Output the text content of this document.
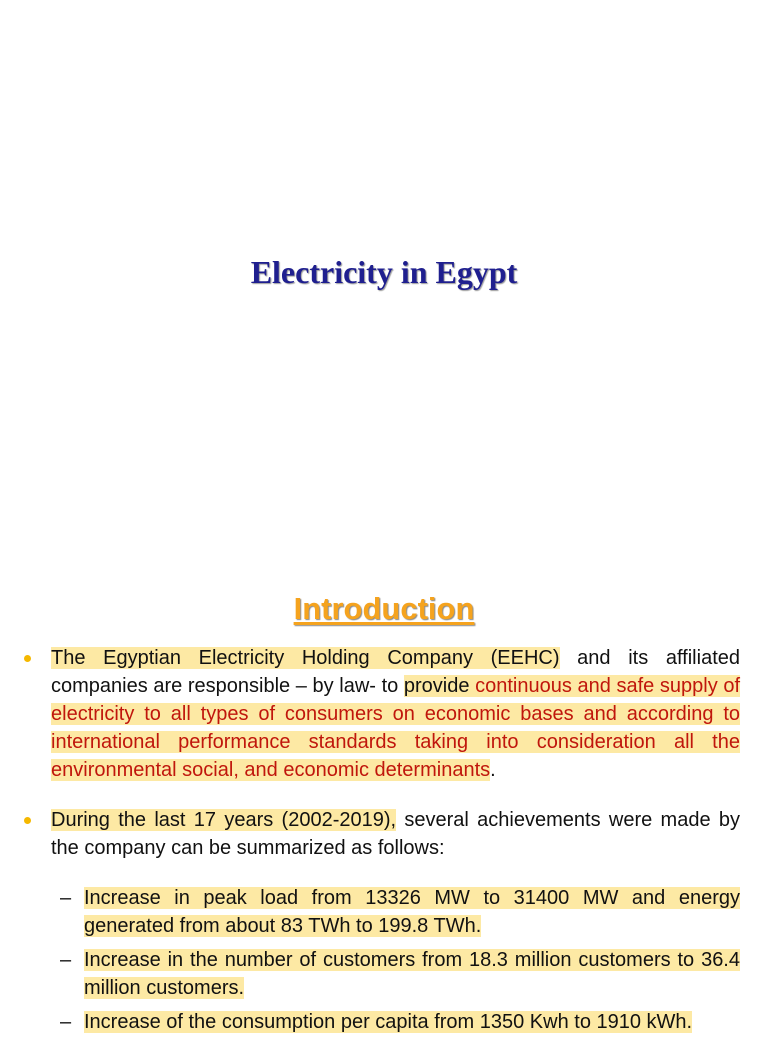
Electricity in Egypt
Introduction

The Egyptian Electricity Holding Company (EEHC) and its affiliated companies are responsible – by law- to provide continuous and safe supply of electricity to all types of consumers on economic bases and according to international performance standards taking into consideration all the environmental social, and economic determinants.

During the last 17 years (2002-2019), several achievements were made by the company can be summarized as follows:

– Increase in peak load from 13326 MW to 31400 MW and energy generated from about 83 TWh to 199.8 TWh.

– Increase in the number of customers from 18.3 million customers to 36.4 million customers.

– Increase of the consumption per capita from 1350 Kwh to 1910 kWh.
